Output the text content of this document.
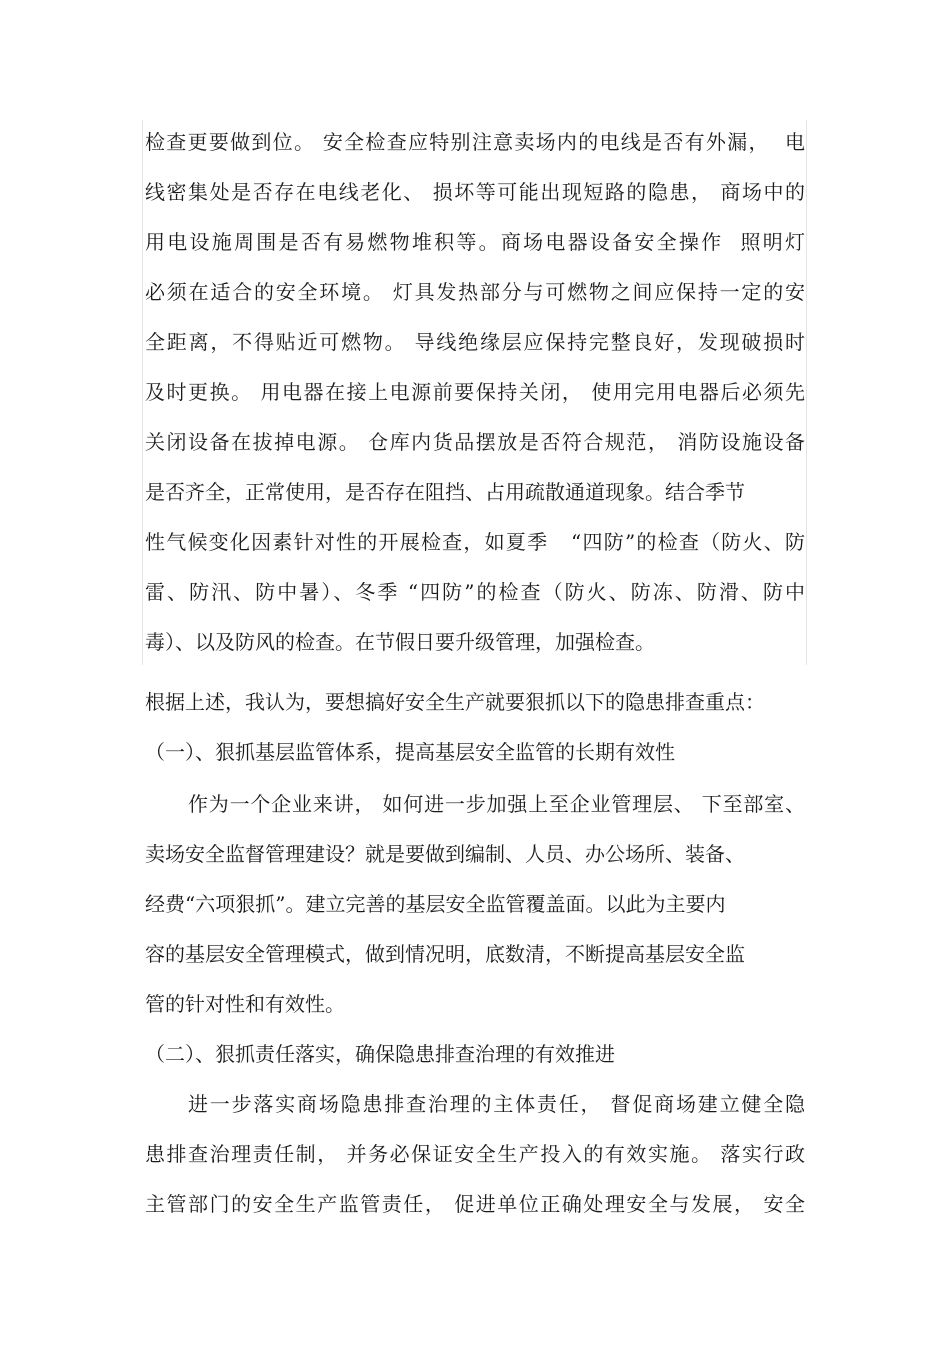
检查更要做到位。 安全检查应特别注意卖场内的电线是否有外漏，  电
线密集处是否存在电线老化、 损坏等可能出现短路的隐患， 商场中的
用电设施周围是否有易燃物堆积等。商场电器设备安全操作  照明灯
必须在适合的安全环境。 灯具发热部分与可燃物之间应保持一定的安
全距离，不得贴近可燃物。 导线绝缘层应保持完整良好，发现破损时
及时更换。 用电器在接上电源前要保持关闭， 使用完用电器后必须先
关闭设备在拔掉电源。 仓库内货品摆放是否符合规范， 消防设施设备
是否齐全，正常使用，是否存在阻挡、占用疏散通道现象。结合季节
性气候变化因素针对性的开展检查，如夏季   “四防”的检查（防火、防
雷、防汛、防中暑）、冬季 “四防”的检查（防火、防冻、防滑、防中
毒）、以及防风的检查。在节假日要升级管理，加强检查。
根据上述，我认为，要想搞好安全生产就要狠抓以下的隐患排查重点：
（一）、狠抓基层监管体系，提高基层安全监管的长期有效性
作为一个企业来讲， 如何进一步加强上至企业管理层、 下至部室、
卖场安全监督管理建设？就是要做到编制、人员、办公场所、装备、
经费“六项狠抓”。建立完善的基层安全监管覆盖面。以此为主要内
容的基层安全管理模式，做到情况明，底数清，不断提高基层安全监
管的针对性和有效性。
（二）、狠抓责任落实，确保隐患排查治理的有效推进
进一步落实商场隐患排查治理的主体责任， 督促商场建立健全隐
患排查治理责任制， 并务必保证安全生产投入的有效实施。 落实行政
主管部门的安全生产监管责任， 促进单位正确处理安全与发展， 安全
